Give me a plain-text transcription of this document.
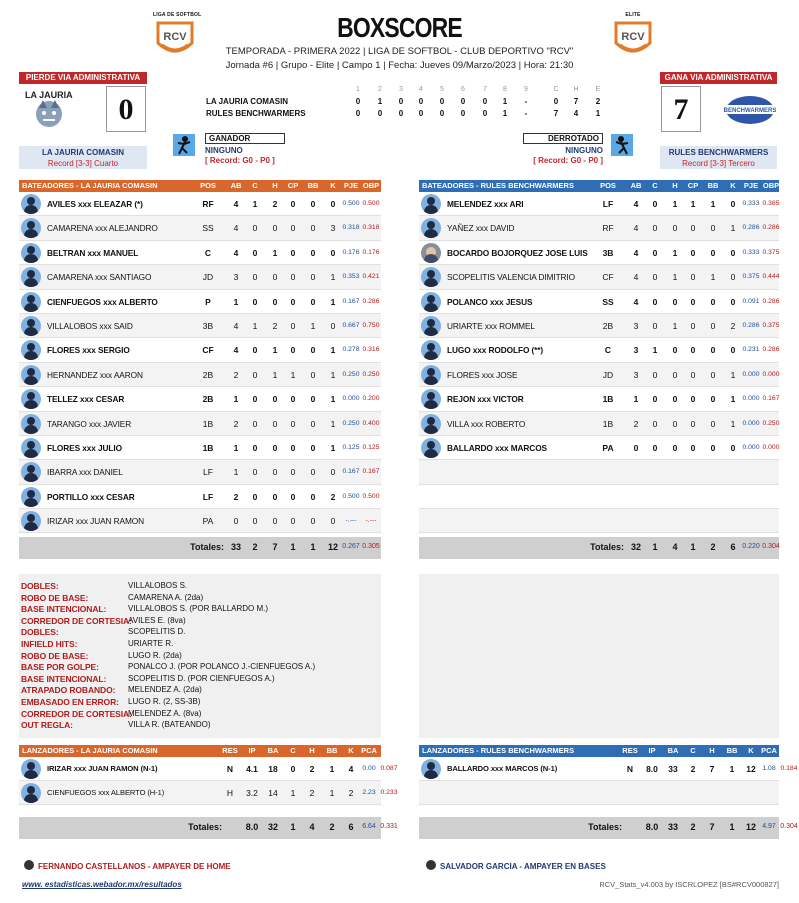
LIGA DE SOFTBOL
RCV
ELITE
RCV
BOXSCORE
TEMPORADA - PRIMERA 2022 | LIGA DE SOFTBOL - CLUB DEPORTIVO "RCV"
Jornada #6 | Grupo - Elite | Campo 1 | Fecha: Jueves 09/Marzo/2023 | Hora: 21:30
PIERDE VIA ADMINISTRATIVA
LA JAURIA	0
LA JAURIA COMASIN
Record [3-3] Cuarto
GANA VIA ADMINISTRATIVA
7	BENCHWARMERS
RULES BENCHWARMERS
Record [3-3] Tercero
1	2	3	4	5	6	7	8	9	C	H	E
LA JAURIA COMASIN	0	1	0	0	0	0	0	1	-	0	7	2
RULES BENCHWARMERS	0	0	0	0	0	0	0	1	-	7	4	1
GANADOR
NINGUNO
[ Record: G0 - P0 ]
DERROTADO
NINGUNO
[ Record: G0 - P0 ]
BATEADORES - LA JAURIA COMASIN	POS	AB	C	H	CP	BB	K	PJE OBP
AVILES xxx ELEAZAR (*)	RF	4	1	2	0	0	0	0.500 0.500
CAMARENA xxx ALEJANDRO	SS	4	0	0	0	0	3	0.318 0.318
BELTRAN xxx MANUEL	C	4	0	1	0	0	0	0.176 0.176
CAMARENA xxx SANTIAGO	JD	3	0	0	0	0	1	0.353 0.421
CIENFUEGOS xxx ALBERTO	P	1	0	0	0	0	1	0.167 0.286
VILLALOBOS xxx SAID	3B	4	1	2	0	1	0	0.667 0.750
FLORES xxx SERGIO	CF	4	0	1	0	0	1	0.278 0.316
HERNANDEZ xxx AARON	2B	2	0	1	1	0	1	0.250 0.250
TELLEZ xxx CESAR	2B	1	0	0	0	0	1	0.000 0.200
TARANGO xxx JAVIER	1B	2	0	0	0	0	1	0.250 0.400
FLORES xxx JULIO	1B	1	0	0	0	0	1	0.125 0.125
IBARRA xxx DANIEL	LF	1	0	0	0	0	0	0.167 0.167
PORTILLO xxx CESAR	LF	2	0	0	0	0	2	0.500 0.500
IRIZAR xxx JUAN RAMON	PA	0	0	0	0	0	0	-.---	-.---
Totales: 33	2	7	1	1	12 0.267 0.305
BATEADORES - RULES BENCHWARMERS	POS	AB	C	H	CP	BB	K	PJE OBP
MELENDEZ xxx ARI	LF	4	0	1	1	1	0	0.333 0.385
YAÑEZ xxx DAVID	RF	4	0	0	0	0	1	0.286 0.286
BOCARDO BOJORQUEZ JOSE LUIS	3B	4	0	1	0	0	0	0.333 0.375
SCOPELITIS VALENCIA DIMITRIO	CF	4	0	1	0	1	0	0.375 0.444
POLANCO xxx JESUS	SS	4	0	0	0	0	0	0.091 0.286
URIARTE xxx ROMMEL	2B	3	0	1	0	0	2	0.286 0.375
LUGO xxx RODOLFO (**)	C	3	1	0	0	0	0	0.231 0.286
FLORES xxx JOSE	JD	3	0	0	0	0	1	0.000 0.000
REJON xxx VICTOR	1B	1	0	0	0	0	1	0.000 0.167
VILLA xxx ROBERTO	1B	2	0	0	0	0	1	0.000 0.250
BALLARDO xxx MARCOS	PA	0	0	0	0	0	0	0.000 0.000
Totales: 32	1	4	1	2	6 0.220 0.304
DOBLES:	VILLALOBOS S.
ROBO DE BASE:	CAMARENA A. (2da)
BASE INTENCIONAL:	VILLALOBOS S. (POR BALLARDO M.)
CORREDOR DE CORTESIA:
AVILES E. (8va)
DOBLES:	SCOPELITIS D.
INFIELD HITS:	URIARTE R.
ROBO DE BASE:	LUGO R. (2da)
BASE POR GOLPE:	PONALCO J. (POR POLANCO J.-CIENFUEGOS A.)
BASE INTENCIONAL:	SCOPELITIS D. (POR CIENFUEGOS A.)
ATRAPADO ROBANDO: MELENDEZ A. (2da)
EMBASADO EN ERROR: LUGO R. (2, SS-3B)
CORREDOR DE CORTESIA:
MELENDEZ A. (8va)
OUT REGLA:	VILLA R. (BATEANDO)
LANZADORES - LA JAURIA COMASIN	RES	IP	BA	C	H	BB	K PCA POP
IRIZAR xxx JUAN RAMON (N-1)	N	4.1	18	0	2	1	4	0.00 0.087
CIENFUEGOS xxx ALBERTO (H-1)	H	3.2	14	1	2	1	2	2.23 0.233
Totales:	8.0	32	1	4	2	6	6.64 0.331
LANZADORES - RULES BENCHWARMERS	RES	IP	BA	C	H	BB	K PCA POP
BALLARDO xxx MARCOS (N-1)	N	8.0	33	2	7	1	12 1.08 0.184
Totales:	8.0	33	2	7	1	12 4.97 0.304
FERNANDO CASTELLANOS - AMPAYER DE HOME	SALVADOR GARCIA - AMPAYER EN BASES
www. estadisticas.webador.mx/resultados	RCV_Stats_v4.003 by ISCRLOPEZ [BS#RCV000827]
